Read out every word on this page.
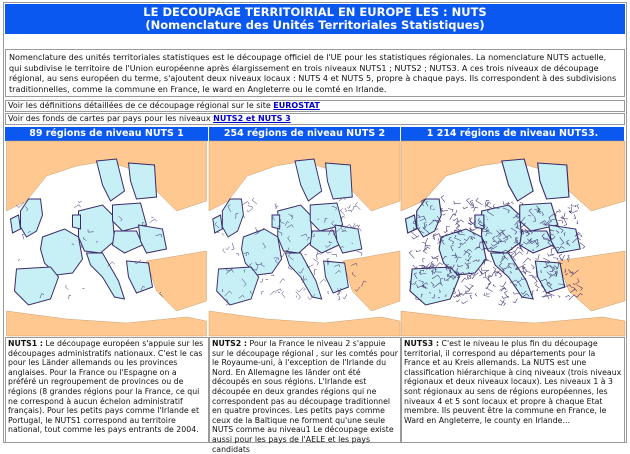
LE DECOUPAGE TERRITOIRIAL EN EUROPE LES : NUTS
(Nomenclature des Unités Territoriales Statistiques)
Nomenclature des unités territoriales statistiques est le découpage officiel de l'UE pour les statistiques régionales. La nomenclature NUTS actuelle, qui subdivise le territoire de l'Union européenne après élargissement en trois niveaux NUTS1 ; NUTS2 ; NUTS3. A ces trois niveaux de découpage régional, au sens européen du terme, s'ajoutent deux niveaux locaux : NUTS 4 et NUTS 5, propre à chaque pays. Ils correspondent à des subdivisions traditionnelles, comme la commune en France, le ward en Angleterre ou le comté en Irlande.
Voir les définitions détaillées de ce découpage régional sur le site EUROSTAT
Voir des fonds de cartes par pays pour les niveaux NUTS2 et NUTS 3
89 régions de niveau NUTS 1	254 régions de niveau NUTS 2	1 214 régions de niveau NUTS3.
NUTS1 : Le découpage européen s'appuie sur les découpages administratifs nationaux. C'est le cas pour les Länder allemands ou les provinces anglaises. Pour la France ou l'Espagne on a préféré un regroupement de provinces ou de régions (8 grandes régions pour la France, ce qui ne correspond à aucun échelon administratif français). Pour les petits pays comme l'Irlande et Portugal, le NUTS1 correspond au territoire national, tout comme les pays entrants de 2004.
NUTS2 : Pour la France le niveau 2 s'appuie sur le découpage régional , sur les comtés pour le Royaume-uni, à l'exception de l'Irlande du Nord. En Allemagne les länder ont été découpés en sous régions. L'Irlande est découpée en deux grandes régions qui ne correspondent pas au découpage traditionnel en quatre provinces. Les petits pays comme ceux de la Baltique ne forment qu'une seule NUTS comme au niveau1 Le découpage existe aussi pour les pays de l'AELE et les pays candidats
NUTS3 : C'est le niveau le plus fin du découpage territorial, il correspond au départements pour la France et au Kreis allemands. La NUTS est une classification hiérarchique à cinq niveaux (trois niveaux régionaux et deux niveaux locaux). Les niveaux 1 à 3 sont régionaux au sens de régions européennes, les niveaux 4 et 5 sont locaux et propre à chaque Etat membre. Ils peuvent être la commune en France, le Ward en Angleterre, le county en Irlande...
